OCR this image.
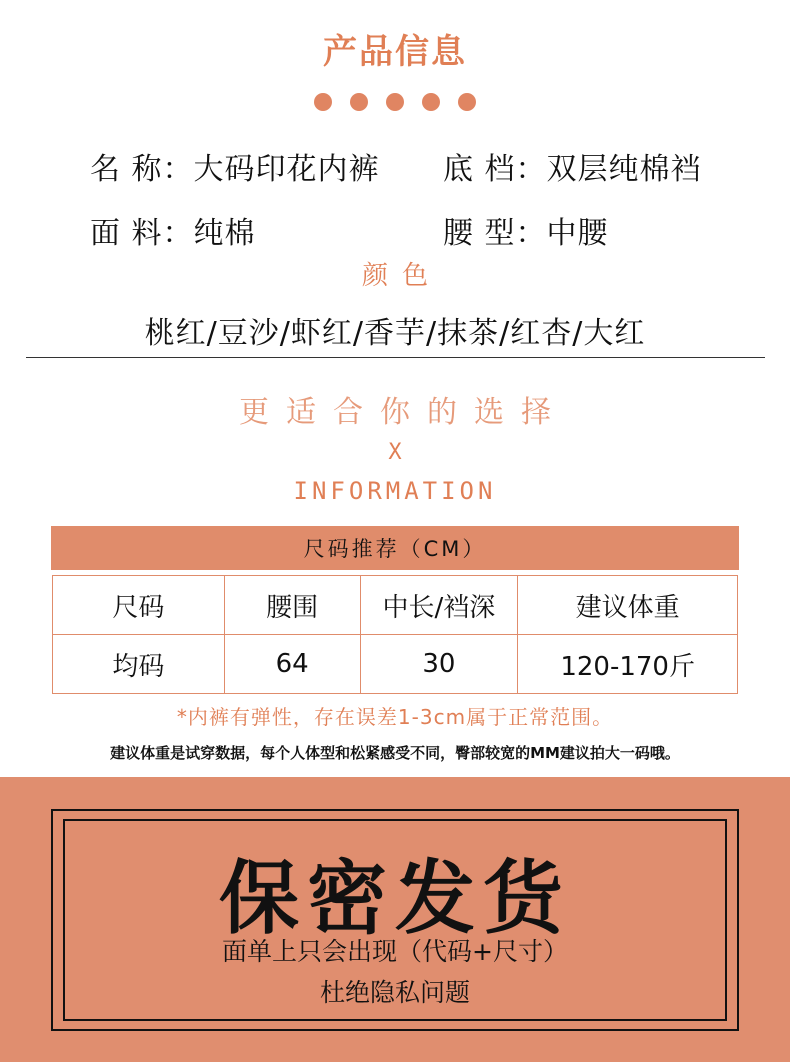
产品信息
名 称：大码印花内裤 底 档：双层纯棉裆
面 料：纯棉	腰 型：中腰
颜色
桃红/豆沙/虾红/香芋/抹茶/红杏/大红
更适合你的选择
X
INFORMATION
尺码推荐（CM）
尺码	腰围	中长/裆深	建议体重
均码	64	30	120-170斤
*内裤有弹性，存在误差1-3cm属于正常范围。
建议体重是试穿数据，每个人体型和松紧感受不同，臀部较宽的MM建议拍大一码哦。
保密发货
面单上只会出现（代码+尺寸）
杜绝隐私问题
